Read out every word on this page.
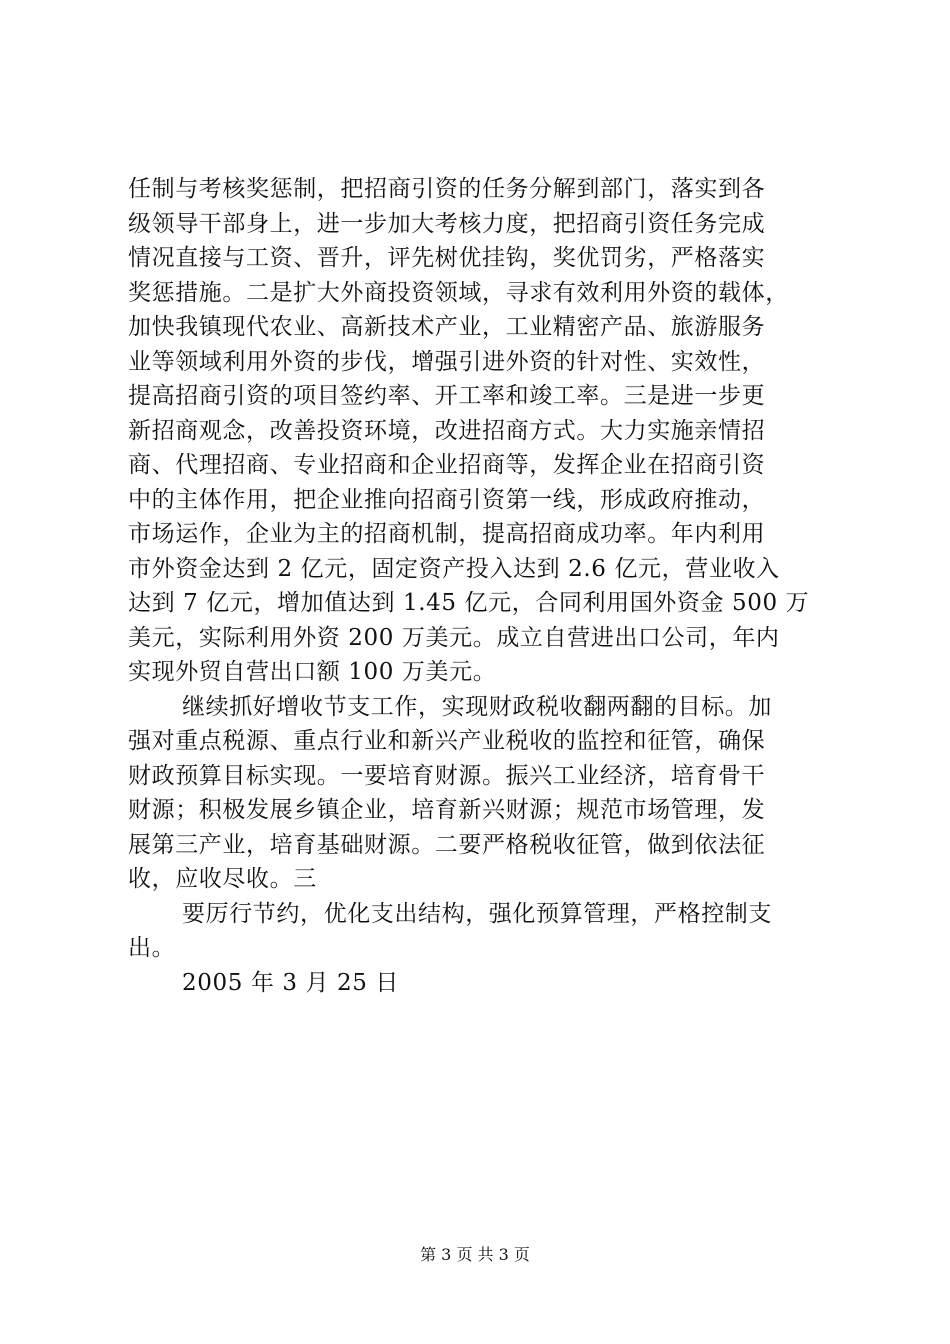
任制与考核奖惩制，把招商引资的任务分解到部门，落实到各
级领导干部身上，进一步加大考核力度，把招商引资任务完成
情况直接与工资、晋升，评先树优挂钩，奖优罚劣，严格落实
奖惩措施。二是扩大外商投资领域，寻求有效利用外资的载体，
加快我镇现代农业、高新技术产业，工业精密产品、旅游服务
业等领域利用外资的步伐，增强引进外资的针对性、实效性，
提高招商引资的项目签约率、开工率和竣工率。三是进一步更
新招商观念，改善投资环境，改进招商方式。大力实施亲情招
商、代理招商、专业招商和企业招商等，发挥企业在招商引资
中的主体作用，把企业推向招商引资第一线，形成政府推动，
市场运作，企业为主的招商机制，提高招商成功率。年内利用
市外资金达到 2 亿元，固定资产投入达到 2.6 亿元，营业收入
达到 7 亿元，增加值达到 1.45 亿元，合同利用国外资金 500 万
美元，实际利用外资 200 万美元。成立自营进出口公司，年内
实现外贸自营出口额 100 万美元。
继续抓好增收节支工作，实现财政税收翻两翻的目标。加
强对重点税源、重点行业和新兴产业税收的监控和征管，确保
财政预算目标实现。一要培育财源。振兴工业经济，培育骨干
财源；积极发展乡镇企业，培育新兴财源；规范市场管理，发
展第三产业，培育基础财源。二要严格税收征管，做到依法征
收，应收尽收。三
要厉行节约，优化支出结构，强化预算管理，严格控制支
出。
2005 年 3 月 25 日
第 3 页 共 3 页
